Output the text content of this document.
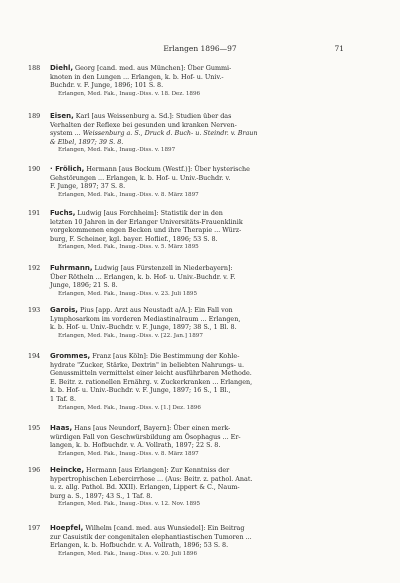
Erlangen 1896—97	71
188	Diehl, Georg [cand. med. aus München]: Über Gummi-
knoten in den Lungen ... Erlangen, k. b. Hof- u. Univ.-
Buchdr. v. F. Junge, 1896; 101 S. 8.
Erlangen, Med. Fak., Inaug.-Diss. v. 18. Dez. 1896
189	Eisen, Karl [aus Weissenburg a. Sd.]: Studien über das
Verhalten der Reflexe bei gesunden und kranken Nerven-
system ... Weissenburg a. S., Druck d. Buch- u. Steindr. v. Braun
& Elbel, 1897; 39 S. 8.
Erlangen, Med. Fak., Inaug.-Diss. v. 1897
190	· Frölich, Hermann [aus Bockum (Westf.)]: Über hysterische
Gehstörungen ... Erlangen, k. b. Hof- u. Univ.-Buchdr. v.
F. Junge, 1897; 37 S. 8.
Erlangen, Med. Fak., Inaug.-Diss. v. 8. März 1897
191	Fuchs, Ludwig [aus Forchheim]: Statistik der in den
letzten 10 Jahren in der Erlanger Universitäts-Frauenklinik
vorgekommenen engen Becken und ihre Therapie ... Würz-
burg, F. Scheiner, kgl. bayer. Hoflief., 1896; 53 S. 8.
Erlangen, Med. Fak., Inaug.-Diss. v. 5. März 1895
192	Fuhrmann, Ludwig [aus Fürstenzell in Niederbayern]:
Über Rötheln ... Erlangen, k. b. Hof- u. Univ.-Buchdr. v. F.
Junge, 1896; 21 S. 8.
Erlangen, Med. Fak., Inaug.-Diss. v. 23. Juli 1895
193	Garois, Pius [app. Arzt aus Neustadt a/A.]: Ein Fall von
Lymphosarkom im vorderen Mediastinalraum ... Erlangen,
k. b. Hof- u. Univ.-Buchdr. v. F. Junge, 1897; 38 S., 1 Bl. 8.
Erlangen, Med. Fak., Inaug.-Diss. v. [22. Jan.] 1897
194	Grommes, Franz [aus Köln]: Die Bestimmung der Kohle-
hydrate "Zucker, Stärke, Dextrin" in beliebten Nahrungs- u.
Genussmitteln vermittelst einer leicht ausführbaren Methode.
E. Beitr. z. rationellen Ernährg. v. Zuckerkranken ... Erlangen,
k. b. Hof- u. Univ.-Buchdr. v. F. Junge, 1897; 16 S., 1 Bl.,
1 Taf. 8.
Erlangen, Med. Fak., Inaug.-Diss. v. [1.] Dez. 1896
195	Haas, Hans [aus Neundorf, Bayern]: Über einen merk-
würdigen Fall von Geschwürsbildung am Ösophagus ... Er-
langen, k. b. Hofbuchdr. v. A. Vollrath, 1897; 22 S. 8.
Erlangen, Med. Fak., Inaug.-Diss. v. 8. März 1897
196	Heincke, Hermann [aus Erlangen]: Zur Kenntniss der
hypertrophischen Lebercirrhose ... (Aus: Beitr. z. pathol. Anat.
u. z. allg. Pathol. Bd. XXII). Erlangen, Lippert & C., Naum-
burg a. S., 1897; 43 S., 1 Taf. 8.
Erlangen, Med. Fak., Inaug.-Diss. v. 12. Nov. 1895
197	Hoepfel, Wilhelm [cand. med. aus Wunsiedel]: Ein Beitrag
zur Casuistik der congenitalen elephantiastischen Tumoren ...
Erlangen, k. b. Hofbuchdr. v. A. Vollrath, 1896; 53 S. 8.
Erlangen, Med. Fak., Inaug.-Diss. v. 20. Juli 1896
